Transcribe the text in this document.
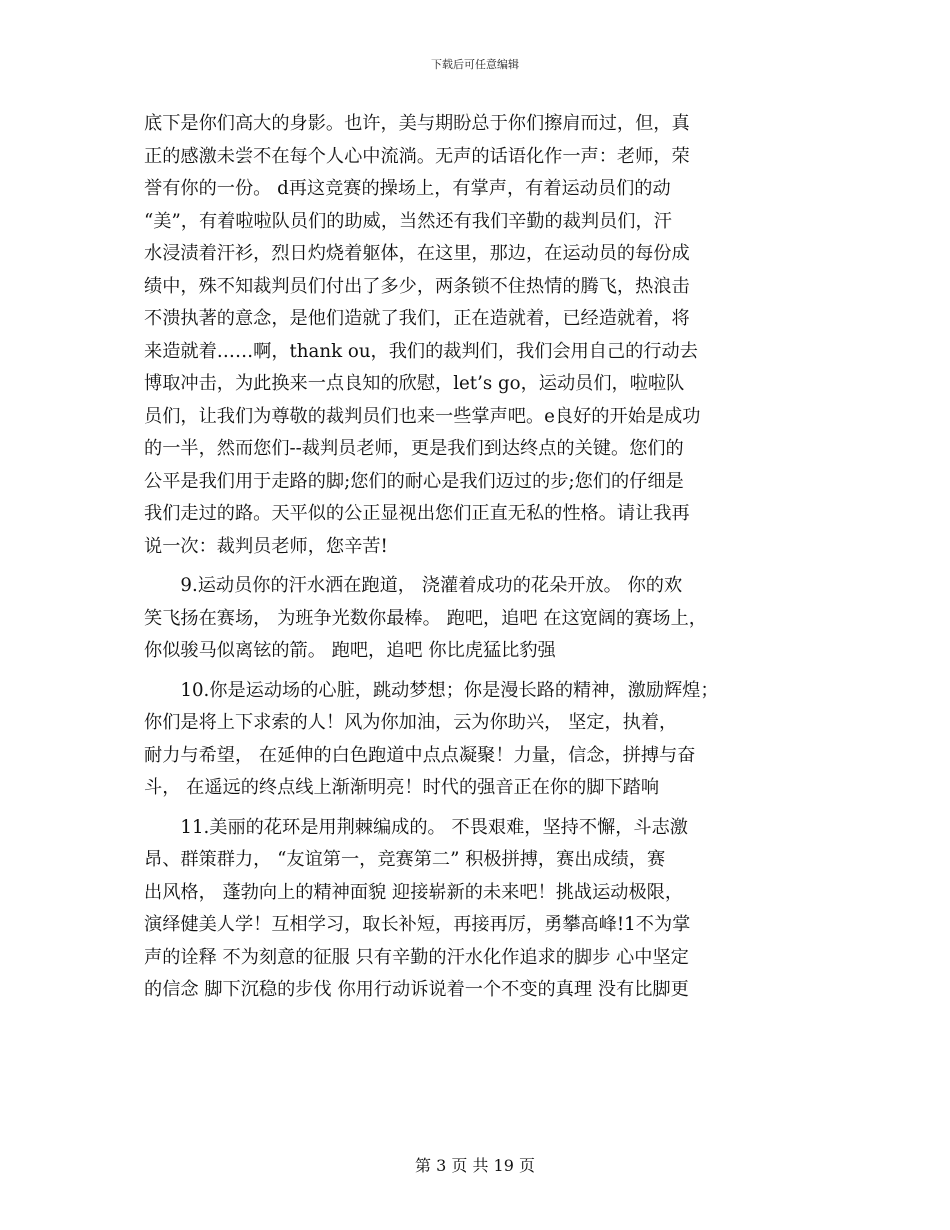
下载后可任意编辑
底下是你们高大的身影。也许，美与期盼总于你们擦肩而过，但，真
正的感激未尝不在每个人心中流淌。无声的话语化作一声：老师，荣
誉有你的一份。 d再这竞赛的操场上，有掌声，有着运动员们的动
“美”，有着啦啦队员们的助威，当然还有我们辛勤的裁判员们，汗
水浸渍着汗衫，烈日灼烧着躯体，在这里，那边，在运动员的每份成
绩中，殊不知裁判员们付出了多少，两条锁不住热情的腾飞，热浪击
不溃执著的意念，是他们造就了我们，正在造就着，已经造就着，将
来造就着……啊，thank ou，我们的裁判们，我们会用自己的行动去
博取冲击，为此换来一点良知的欣慰，let’s go，运动员们，啦啦队
员们，让我们为尊敬的裁判员们也来一些掌声吧。e良好的开始是成功
的一半，然而您们--裁判员老师，更是我们到达终点的关键。您们的
公平是我们用于走路的脚;您们的耐心是我们迈过的步;您们的仔细是
我们走过的路。天平似的公正显视出您们正直无私的性格。请让我再
说一次：裁判员老师，您辛苦!
　　9.运动员你的汗水洒在跑道， 浇灌着成功的花朵开放。 你的欢
笑飞扬在赛场， 为班争光数你最棒。 跑吧，追吧 在这宽阔的赛场上，
你似骏马似离铉的箭。 跑吧，追吧 你比虎猛比豹强
　　10.你是运动场的心脏，跳动梦想；你是漫长路的精神，激励辉煌；
你们是将上下求索的人！风为你加油，云为你助兴， 坚定，执着，
耐力与希望， 在延伸的白色跑道中点点凝聚！力量，信念，拼搏与奋
斗， 在遥远的终点线上渐渐明亮！时代的强音正在你的脚下踏响
　　11.美丽的花环是用荆棘编成的。 不畏艰难，坚持不懈，斗志激
昂、群策群力， “友谊第一，竞赛第二” 积极拼搏，赛出成绩，赛
出风格， 蓬勃向上的精神面貌 迎接崭新的未来吧！挑战运动极限，
演绎健美人学！互相学习，取长补短，再接再厉，勇攀高峰!1不为掌
声的诠释 不为刻意的征服 只有辛勤的汗水化作追求的脚步 心中坚定
的信念 脚下沉稳的步伐 你用行动诉说着一个不变的真理 没有比脚更
第 3 页 共 19 页
